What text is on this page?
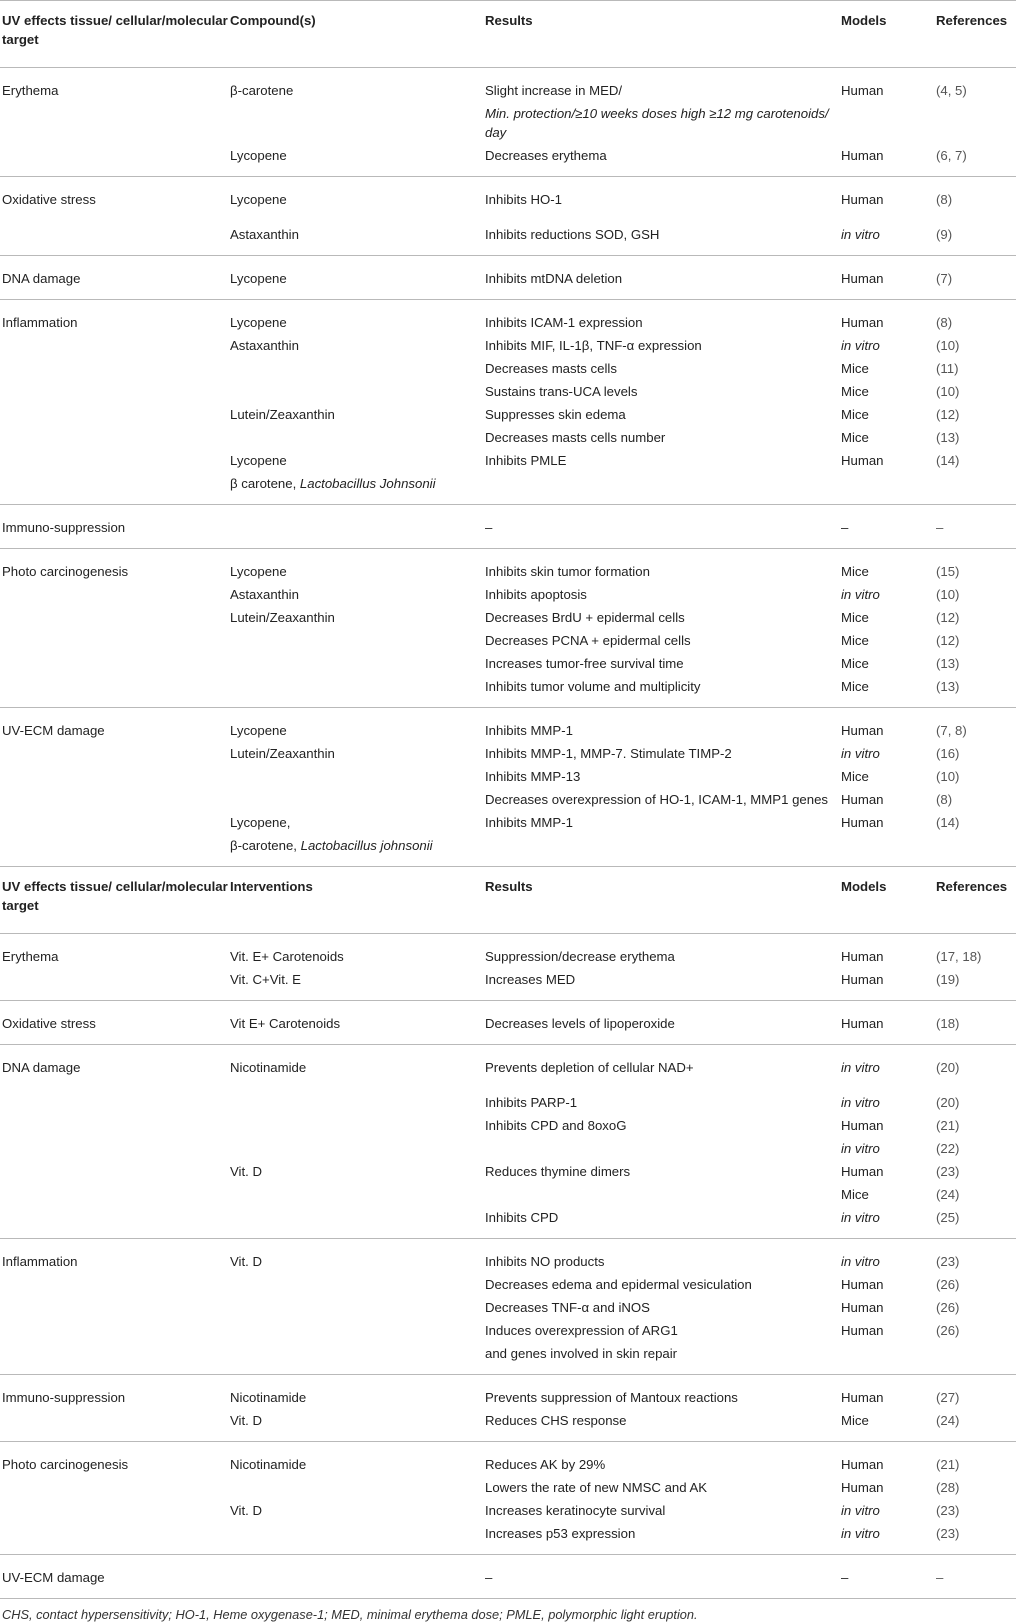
UV effects tissue/ cellular/molecular target	Compound(s)	Results	Models	References
Erythema	β-carotene	Slight increase in MED/	Human	(4, 5)
		Min. protection/≥10 weeks doses high ≥12 mg carotenoids/ day		
	Lycopene	Decreases erythema	Human	(6, 7)
Oxidative stress	Lycopene	Inhibits HO-1	Human	(8)
	Astaxanthin	Inhibits reductions SOD, GSH	in vitro	(9)
DNA damage	Lycopene	Inhibits mtDNA deletion	Human	(7)
Inflammation	Lycopene	Inhibits ICAM-1 expression	Human	(8)
	Astaxanthin	Inhibits MIF, IL-1β, TNF-α expression	in vitro	(10)
		Decreases masts cells	Mice	(11)
		Sustains trans-UCA levels	Mice	(10)
	Lutein/Zeaxanthin	Suppresses skin edema	Mice	(12)
		Decreases masts cells number	Mice	(13)
	Lycopene	Inhibits PMLE	Human	(14)
	β carotene, Lactobacillus Johnsonii			
Immuno-suppression		–	–	–
Photo carcinogenesis	Lycopene	Inhibits skin tumor formation	Mice	(15)
	Astaxanthin	Inhibits apoptosis	in vitro	(10)
	Lutein/Zeaxanthin	Decreases BrdU + epidermal cells	Mice	(12)
		Decreases PCNA + epidermal cells	Mice	(12)
		Increases tumor-free survival time	Mice	(13)
		Inhibits tumor volume and multiplicity	Mice	(13)
UV-ECM damage	Lycopene	Inhibits MMP-1	Human	(7, 8)
	Lutein/Zeaxanthin	Inhibits MMP-1, MMP-7. Stimulate TIMP-2	in vitro	(16)
		Inhibits MMP-13	Mice	(10)
		Decreases overexpression of HO-1, ICAM-1, MMP1 genes	Human	(8)
	Lycopene,	Inhibits MMP-1	Human	(14)
	β-carotene, Lactobacillus johnsonii			
UV effects tissue/ cellular/molecular target	Interventions	Results	Models	References
Erythema	Vit. E+ Carotenoids	Suppression/decrease erythema	Human	(17, 18)
	Vit. C+Vit. E	Increases MED	Human	(19)
Oxidative stress	Vit E+ Carotenoids	Decreases levels of lipoperoxide	Human	(18)
DNA damage	Nicotinamide	Prevents depletion of cellular NAD+	in vitro	(20)
		Inhibits PARP-1	in vitro	(20)
		Inhibits CPD and 8oxoG	Human	(21)
			in vitro	(22)
	Vit. D	Reduces thymine dimers	Human	(23)
			Mice	(24)
		Inhibits CPD	in vitro	(25)
Inflammation	Vit. D	Inhibits NO products	in vitro	(23)
		Decreases edema and epidermal vesiculation	Human	(26)
		Decreases TNF-α and iNOS	Human	(26)
		Induces overexpression of ARG1	Human	(26)
		and genes involved in skin repair		
Immuno-suppression	Nicotinamide	Prevents suppression of Mantoux reactions	Human	(27)
	Vit. D	Reduces CHS response	Mice	(24)
Photo carcinogenesis	Nicotinamide	Reduces AK by 29%	Human	(21)
		Lowers the rate of new NMSC and AK	Human	(28)
	Vit. D	Increases keratinocyte survival	in vitro	(23)
		Increases p53 expression	in vitro	(23)
UV-ECM damage		–	–	–
CHS, contact hypersensitivity; HO-1, Heme oxygenase-1; MED, minimal erythema dose; PMLE, polymorphic light eruption.				
